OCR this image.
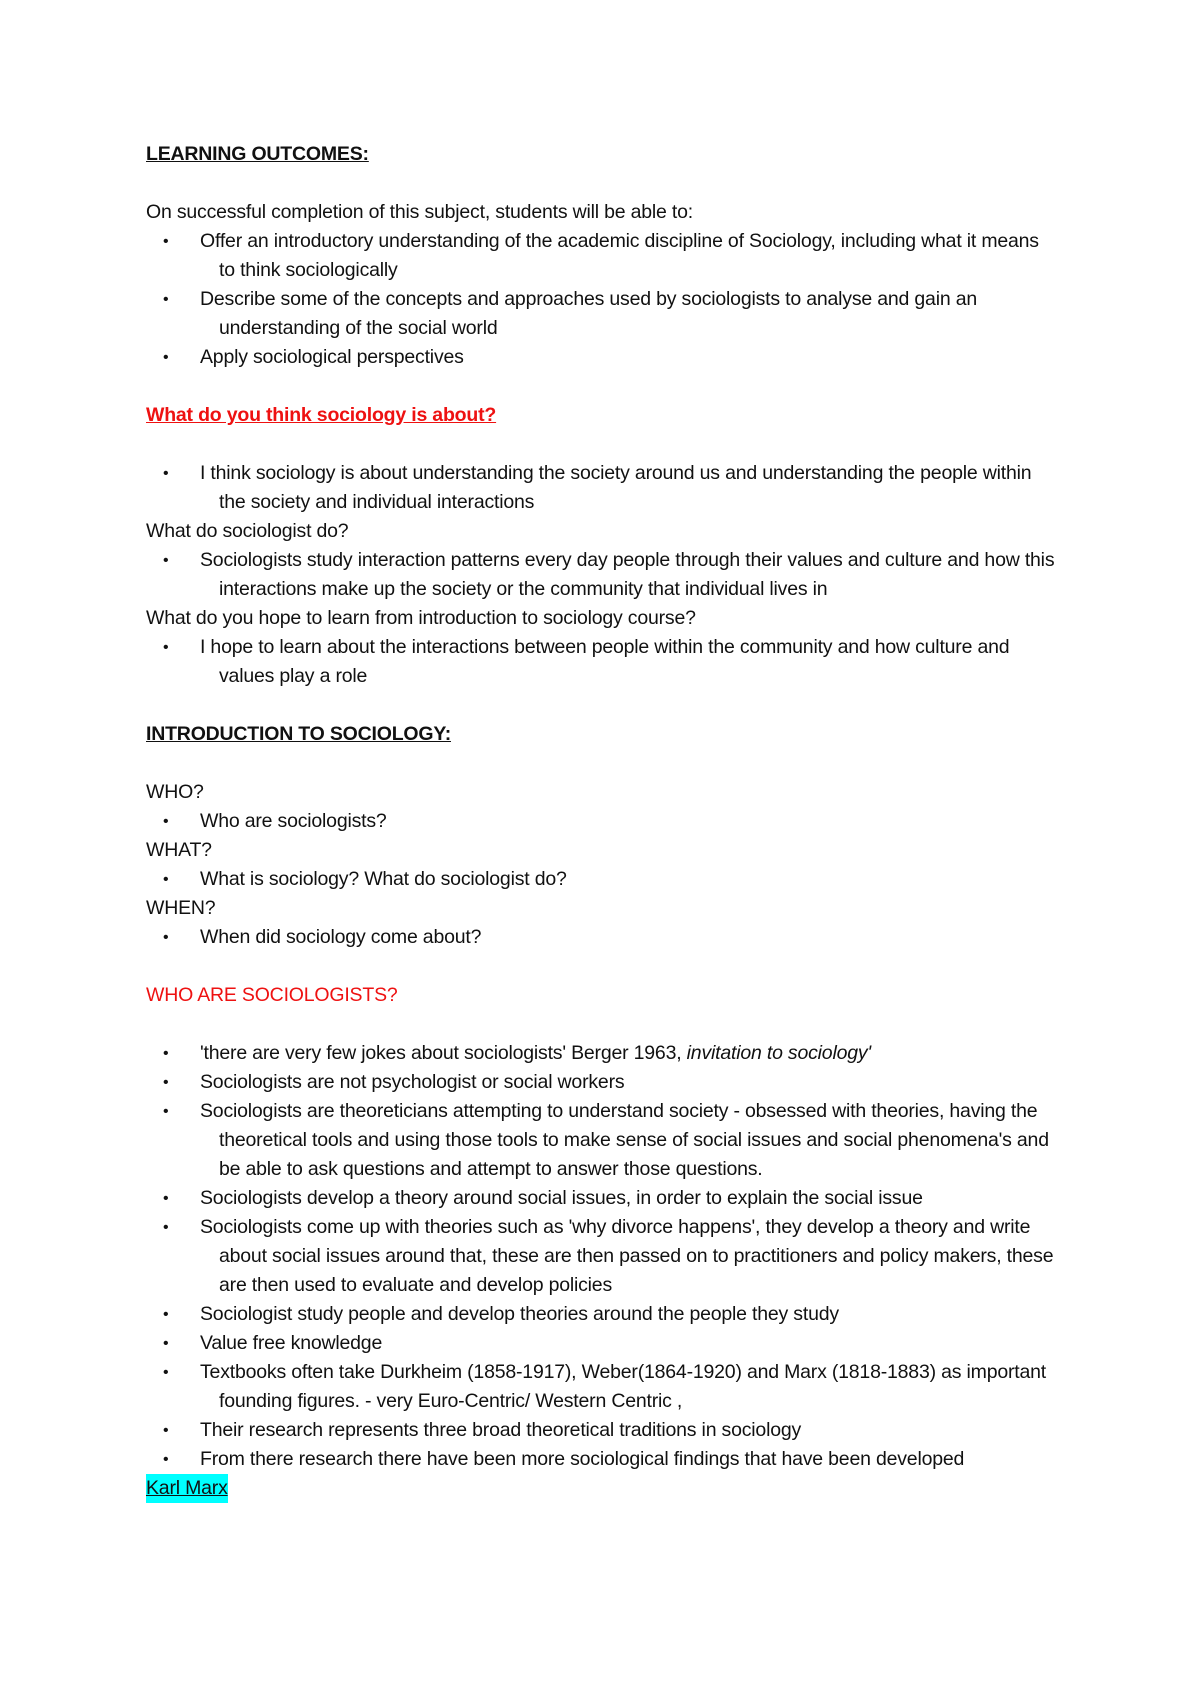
LEARNING OUTCOMES:

On successful completion of this subject, students will be able to:

• Offer an introductory understanding of the academic discipline of Sociology, including what it means to think sociologically
• Describe some of the concepts and approaches used by sociologists to analyse and gain an understanding of the social world
• Apply sociological perspectives

What do you think sociology is about?

• I think sociology is about understanding the society around us and understanding the people within the society and individual interactions

What do sociologist do?

• Sociologists study interaction patterns every day people through their values and culture and how this interactions make up the society or the community that individual lives in

What do you hope to learn from introduction to sociology course?

• I hope to learn about the interactions between people within the community and how culture and values play a role

INTRODUCTION TO SOCIOLOGY:

WHO?

• Who are sociologists?

WHAT?

• What is sociology? What do sociologist do?

WHEN?

• When did sociology come about?

WHO ARE SOCIOLOGISTS?

• 'there are very few jokes about sociologists' Berger 1963, invitation to sociology'
• Sociologists are not psychologist or social workers
• Sociologists are theoreticians attempting to understand society - obsessed with theories, having the theoretical tools and using those tools to make sense of social issues and social phenomena's and be able to ask questions and attempt to answer those questions.
• Sociologists develop a theory around social issues, in order to explain the social issue
• Sociologists come up with theories such as 'why divorce happens', they develop a theory and write about social issues around that, these are then passed on to practitioners and policy makers, these are then used to evaluate and develop policies
• Sociologist study people and develop theories around the people they study
• Value free knowledge
• Textbooks often take Durkheim (1858-1917), Weber(1864-1920) and Marx (1818-1883) as important founding figures. - very Euro-Centric/ Western Centric ,
• Their research represents three broad theoretical traditions in sociology
• From there research there have been more sociological findings that have been developed
Karl Marx
